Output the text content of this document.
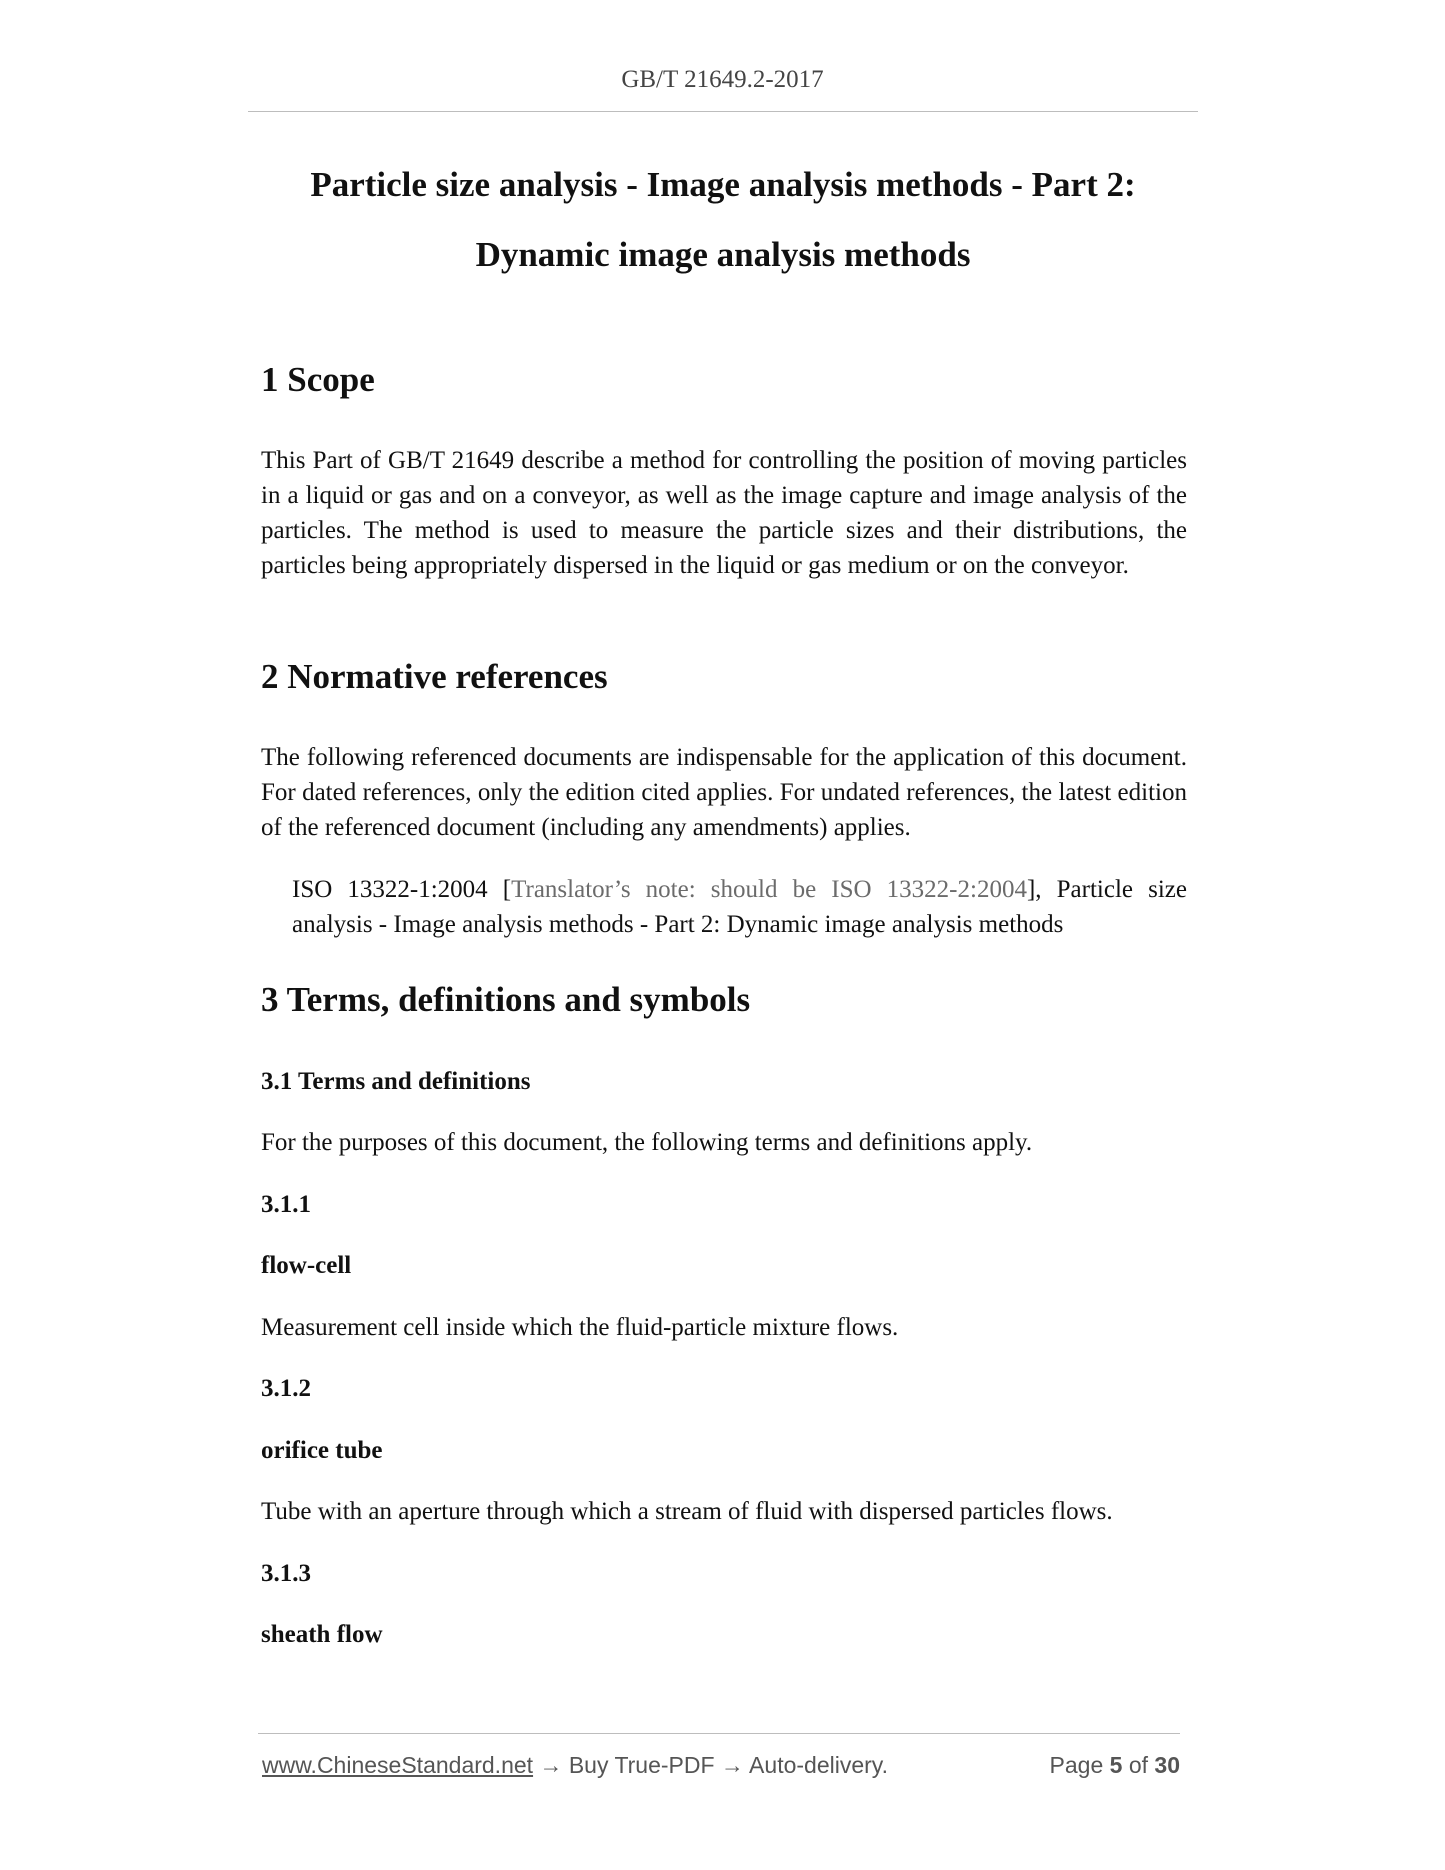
GB/T 21649.2-2017
Particle size analysis - Image analysis methods - Part 2:
Dynamic image analysis methods
1 Scope

This Part of GB/T 21649 describe a method for controlling the position of moving particles in a liquid or gas and on a conveyor, as well as the image capture and image analysis of the particles. The method is used to measure the particle sizes and their distributions, the particles being appropriately dispersed in the liquid or gas medium or on the conveyor.

2 Normative references

The following referenced documents are indispensable for the application of this document. For dated references, only the edition cited applies. For undated references, the latest edition of the referenced document (including any amendments) applies.

ISO 13322-1:2004 [Translator’s note: should be ISO 13322-2:2004], Particle size analysis - Image analysis methods - Part 2: Dynamic image analysis methods

3 Terms, definitions and symbols
3.1 Terms and definitions

For the purposes of this document, the following terms and definitions apply.

3.1.1
flow-cell

Measurement cell inside which the fluid-particle mixture flows.

3.1.2
orifice tube

Tube with an aperture through which a stream of fluid with dispersed particles flows.

3.1.3
sheath flow
www.ChineseStandard.net → Buy True-PDF → Auto-delivery.	Page 5 of 30
